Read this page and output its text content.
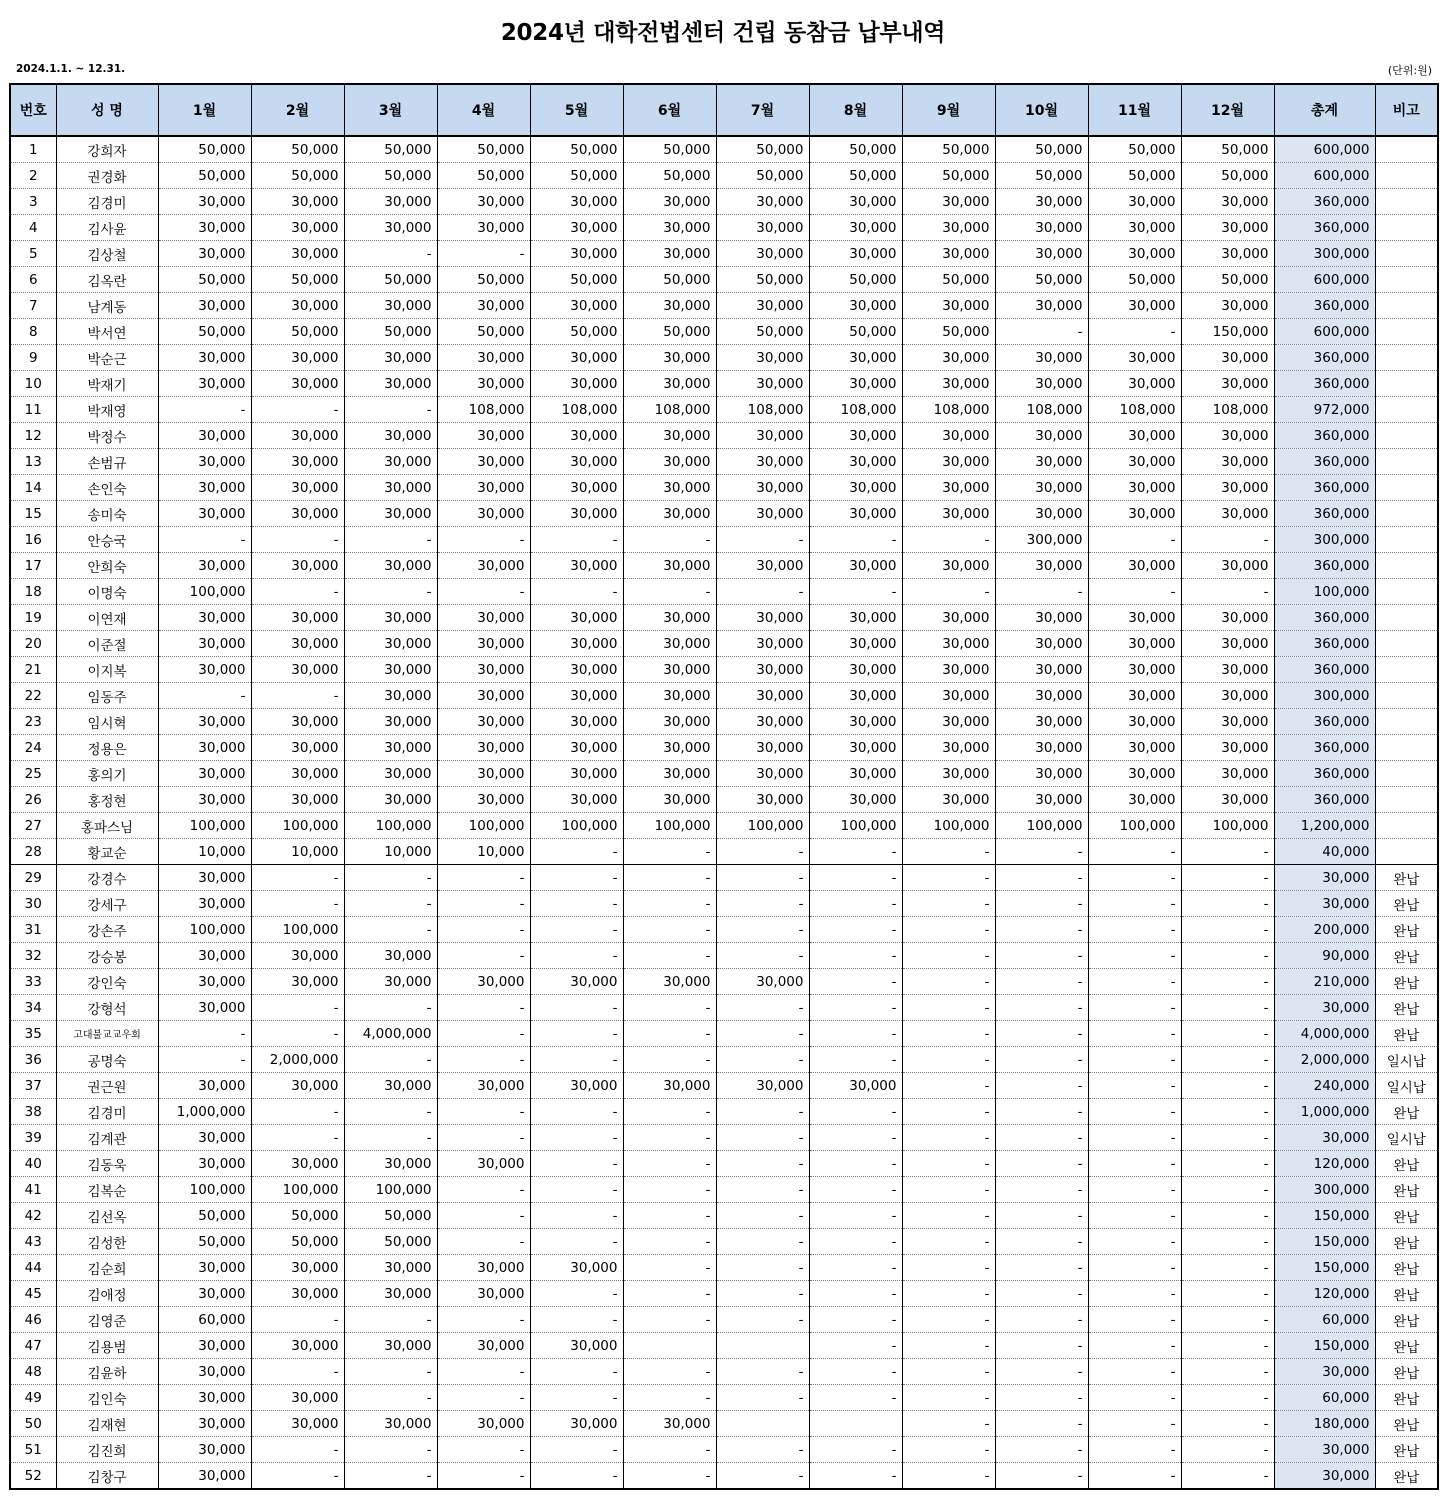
2024년 대학전법센터 건립 동참금 납부내역
2024.1.1. ~ 12.31.	(단위:원)
번호	성 명	1월	2월	3월	4월	5월	6월	7월	8월	9월	10월	11월	12월	총계	비고
1	강희자	50,000	50,000	50,000	50,000	50,000	50,000	50,000	50,000	50,000	50,000	50,000	50,000	600,000	
2	권경화	50,000	50,000	50,000	50,000	50,000	50,000	50,000	50,000	50,000	50,000	50,000	50,000	600,000	
3	김경미	30,000	30,000	30,000	30,000	30,000	30,000	30,000	30,000	30,000	30,000	30,000	30,000	360,000	
4	김사윤	30,000	30,000	30,000	30,000	30,000	30,000	30,000	30,000	30,000	30,000	30,000	30,000	360,000	
5	김상철	30,000	30,000	-	-	30,000	30,000	30,000	30,000	30,000	30,000	30,000	30,000	300,000	
6	김옥란	50,000	50,000	50,000	50,000	50,000	50,000	50,000	50,000	50,000	50,000	50,000	50,000	600,000	
7	남계동	30,000	30,000	30,000	30,000	30,000	30,000	30,000	30,000	30,000	30,000	30,000	30,000	360,000	
8	박서연	50,000	50,000	50,000	50,000	50,000	50,000	50,000	50,000	50,000	-	-	150,000	600,000	
9	박순근	30,000	30,000	30,000	30,000	30,000	30,000	30,000	30,000	30,000	30,000	30,000	30,000	360,000	
10	박재기	30,000	30,000	30,000	30,000	30,000	30,000	30,000	30,000	30,000	30,000	30,000	30,000	360,000	
11	박재영	-	-	-	108,000	108,000	108,000	108,000	108,000	108,000	108,000	108,000	108,000	972,000	
12	박정수	30,000	30,000	30,000	30,000	30,000	30,000	30,000	30,000	30,000	30,000	30,000	30,000	360,000	
13	손범규	30,000	30,000	30,000	30,000	30,000	30,000	30,000	30,000	30,000	30,000	30,000	30,000	360,000	
14	손인숙	30,000	30,000	30,000	30,000	30,000	30,000	30,000	30,000	30,000	30,000	30,000	30,000	360,000	
15	송미숙	30,000	30,000	30,000	30,000	30,000	30,000	30,000	30,000	30,000	30,000	30,000	30,000	360,000	
16	안승국	-	-	-	-	-	-	-	-	-	300,000	-	-	300,000	
17	안희숙	30,000	30,000	30,000	30,000	30,000	30,000	30,000	30,000	30,000	30,000	30,000	30,000	360,000	
18	이명숙	100,000	-	-	-	-	-	-	-	-	-	-	-	100,000	
19	이연재	30,000	30,000	30,000	30,000	30,000	30,000	30,000	30,000	30,000	30,000	30,000	30,000	360,000	
20	이준절	30,000	30,000	30,000	30,000	30,000	30,000	30,000	30,000	30,000	30,000	30,000	30,000	360,000	
21	이지복	30,000	30,000	30,000	30,000	30,000	30,000	30,000	30,000	30,000	30,000	30,000	30,000	360,000	
22	임동주	-	-	30,000	30,000	30,000	30,000	30,000	30,000	30,000	30,000	30,000	30,000	300,000	
23	임시혁	30,000	30,000	30,000	30,000	30,000	30,000	30,000	30,000	30,000	30,000	30,000	30,000	360,000	
24	정용은	30,000	30,000	30,000	30,000	30,000	30,000	30,000	30,000	30,000	30,000	30,000	30,000	360,000	
25	홍의기	30,000	30,000	30,000	30,000	30,000	30,000	30,000	30,000	30,000	30,000	30,000	30,000	360,000	
26	홍정현	30,000	30,000	30,000	30,000	30,000	30,000	30,000	30,000	30,000	30,000	30,000	30,000	360,000	
27	홍파스님	100,000	100,000	100,000	100,000	100,000	100,000	100,000	100,000	100,000	100,000	100,000	100,000	1,200,000	
28	황교순	10,000	10,000	10,000	10,000	-	-	-	-	-	-	-	-	40,000	
29	강경수	30,000	-	-	-	-	-	-	-	-	-	-	-	30,000	완납
30	강세구	30,000	-	-	-	-	-	-	-	-	-	-	-	30,000	완납
31	강손주	100,000	100,000	-	-	-	-	-	-	-	-	-	-	200,000	완납
32	강승봉	30,000	30,000	30,000	-	-	-	-	-	-	-	-	-	90,000	완납
33	강인숙	30,000	30,000	30,000	30,000	30,000	30,000	30,000	-	-	-	-	-	210,000	완납
34	강형석	30,000	-	-	-	-	-	-	-	-	-	-	-	30,000	완납
35	고대불교교우회	-	-	4,000,000	-	-	-	-	-	-	-	-	-	4,000,000	완납
36	공명숙	-	2,000,000	-	-	-	-	-	-	-	-	-	-	2,000,000	일시납
37	권근원	30,000	30,000	30,000	30,000	30,000	30,000	30,000	30,000	-	-	-	-	240,000	일시납
38	김경미	1,000,000	-	-	-	-	-	-	-	-	-	-	-	1,000,000	완납
39	김계관	30,000	-	-	-	-	-	-	-	-	-	-	-	30,000	일시납
40	김동욱	30,000	30,000	30,000	30,000	-	-	-	-	-	-	-	-	120,000	완납
41	김복순	100,000	100,000	100,000	-	-	-	-	-	-	-	-	-	300,000	완납
42	김선옥	50,000	50,000	50,000	-	-	-	-	-	-	-	-	-	150,000	완납
43	김성한	50,000	50,000	50,000	-	-	-	-	-	-	-	-	-	150,000	완납
44	김순희	30,000	30,000	30,000	30,000	30,000	-	-	-	-	-	-	-	150,000	완납
45	김애정	30,000	30,000	30,000	30,000	-	-	-	-	-	-	-	-	120,000	완납
46	김영준	60,000	-	-	-	-	-	-	-	-	-	-	-	60,000	완납
47	김용범	30,000	30,000	30,000	30,000	30,000			-	-	-	-	-	150,000	완납
48	김윤하	30,000	-	-	-	-	-	-	-	-	-	-	-	30,000	완납
49	김인숙	30,000	30,000	-	-	-	-	-	-	-	-	-	-	60,000	완납
50	김재현	30,000	30,000	30,000	30,000	30,000	30,000			-	-	-	-	180,000	완납
51	김진희	30,000	-	-	-	-	-	-	-	-	-	-	-	30,000	완납
52	김창구	30,000	-	-	-	-	-	-	-	-	-	-	-	30,000	완납
